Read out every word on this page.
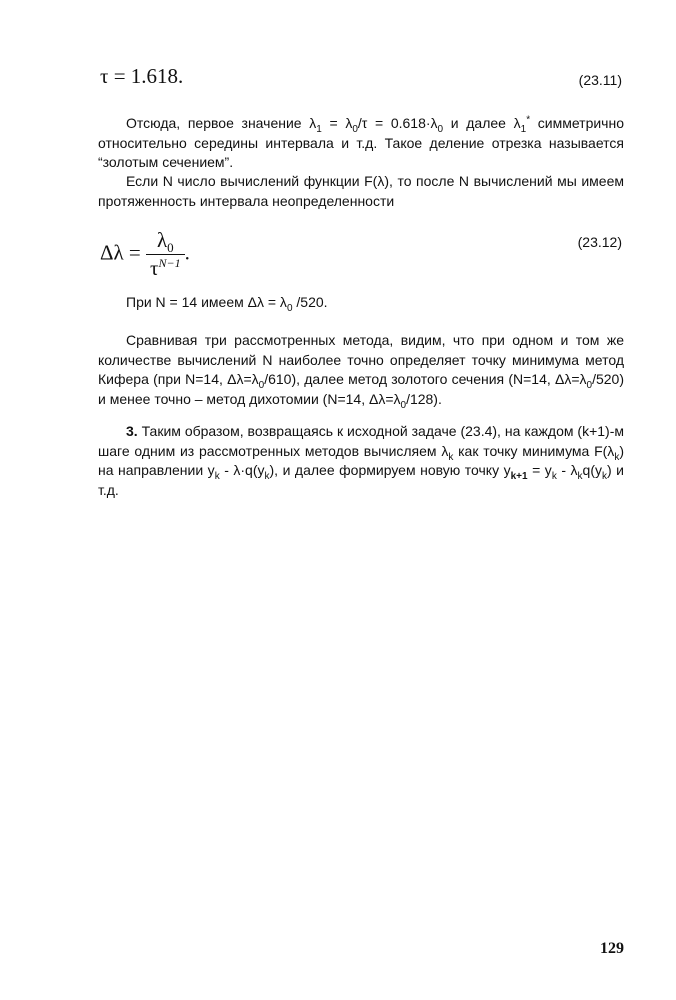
τ = 1.618.	(23.11)

Отсюда, первое значение $\lambda_1 = \lambda_0/\tau = 0.618\cdot\lambda_0$ и далее $\lambda_1^*$ симметрично относительно середины интервала и т.д. Такое деление отрезка называется “золотым сечением”.

Если N число вычислений функции F(λ), то после N вычислений мы имеем протяженность интервала неопределенности

$\Delta\lambda = \frac{\lambda_0}{\tau^{N-1}}$ .	(23.12)

При N = 14 имеем $\Delta\lambda = \lambda_0$ /520.

Сравнивая три рассмотренных метода, видим, что при одном и том же количестве вычислений N наиболее точно определяет точку минимума метод Кифера (при N=14, $\Delta\lambda=\lambda_0/610$), далее метод золотого сечения (N=14, $\Delta\lambda=\lambda_0/520$) и менее точно – метод дихотомии (N=14, $\Delta\lambda=\lambda_0/128$).

3. Таким образом, возвращаясь к исходной задаче (23.4), на каждом (k+1)-м шаге одним из рассмотренных методов вычисляем $\lambda_k$ как точку минимума $F(\lambda_k)$ на направлении $y_k - \lambda\cdot q(y_k)$, и далее формируем новую точку $y_{k+1} = y_k - \lambda_kq(y_k)$ и т.д.

129
